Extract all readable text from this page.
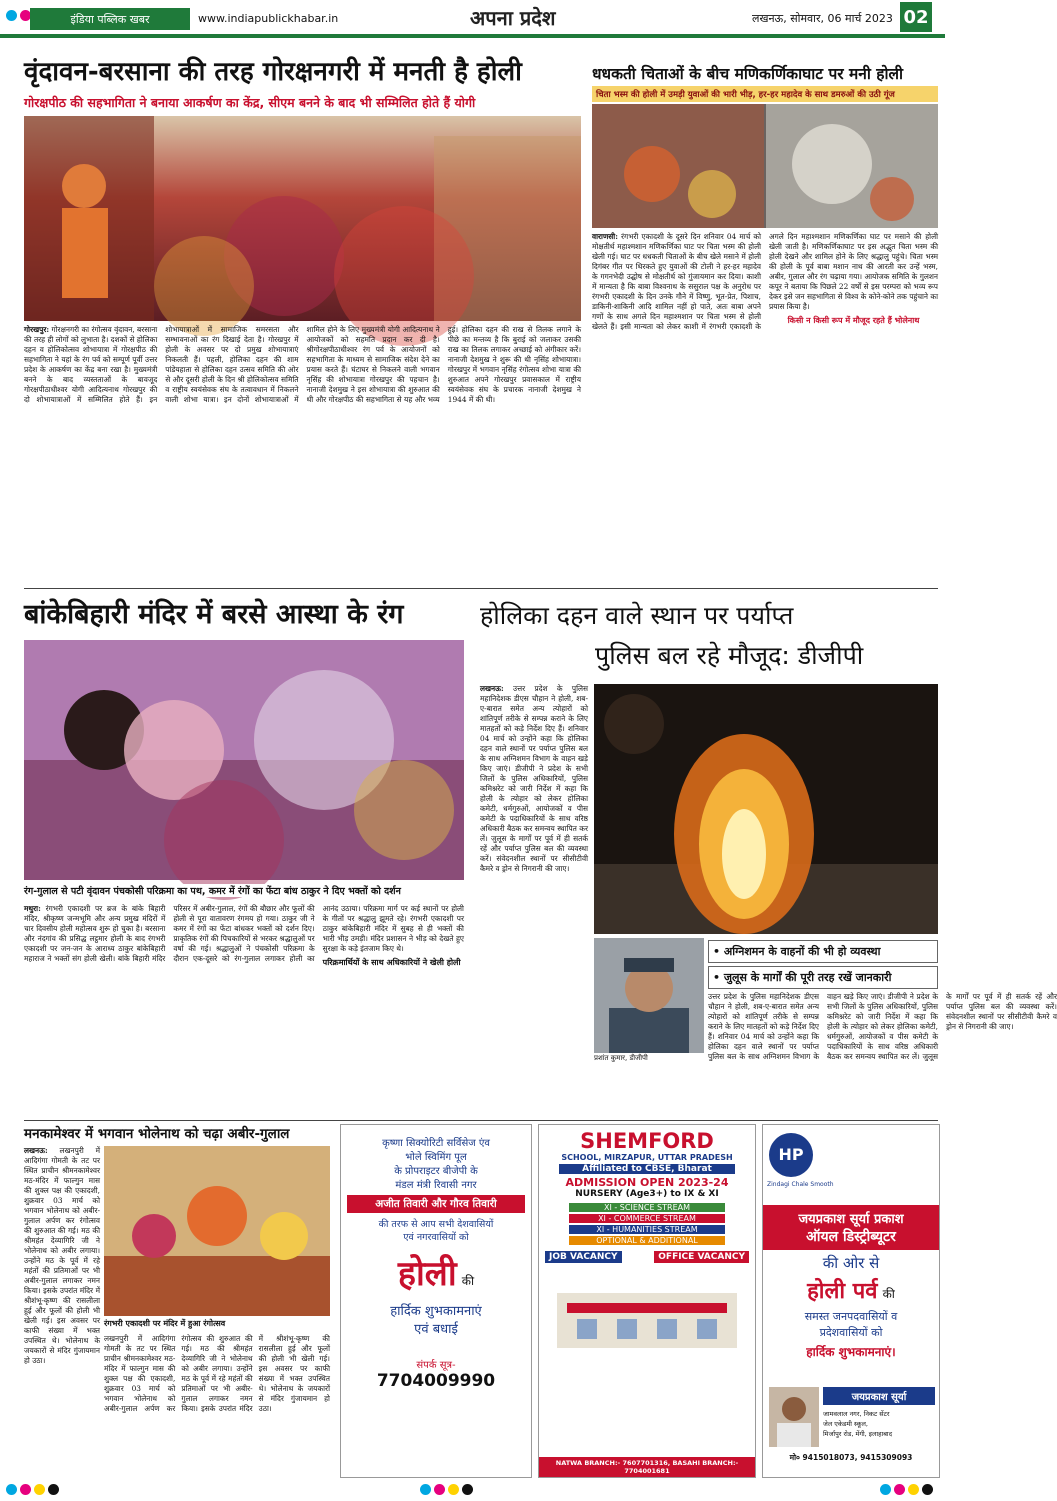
इंडिया पब्लिक खबर	www.indiapublickhabar.in	अपना प्रदेश	लखनऊ, सोमवार, 06 मार्च 2023 02
वृंदावन-बरसाना की तरह गोरक्षनगरी में मनती है होली
गोरक्षपीठ की सहभागिता ने बनाया आकर्षण का केंद्र, सीएम बनने के बाद भी सम्मिलित होते हैं योगी
गोरखपुर: गोरक्षनगरी का रंगोत्सव वृंदावन, बरसाना की तरह ही लोगों को लुभाता है। दशकों से होलिका दहन व होलिकोत्सव शोभायात्रा में गोरक्षपीठ की सहभागिता ने यहां के रंग पर्व को सम्पूर्ण पूर्वी उत्तर प्रदेश के आकर्षण का केंद्र बना रखा है। मुख्यमंत्री बनने के बाद व्यस्तताओं के बावजूद गोरक्षपीठाधीश्वर योगी आदित्यनाथ गोरखपुर की दो शोभायात्राओं में सम्मिलित होते हैं। इन शोभायात्राओं में सामाजिक समरसता और सम्भावनाओं का रंग दिखाई देता है। गोरखपुर में होली के अवसर पर दो प्रमुख शोभायात्राएं निकलती हैं। पहली, होलिका दहन की शाम पांडेयहाता से होलिका दहन उत्सव समिति की ओर से और दूसरी होली के दिन श्री होलिकोत्सव समिति व राष्ट्रीय स्वयंसेवक संघ के तत्वावधान में निकलने वाली शोभा यात्रा। इन दोनों शोभायात्राओं में शामिल होने के लिए मुख्यमंत्री योगी आदित्यनाथ ने आयोजकों को सहमति प्रदान कर दी है। श्रीगोरक्षपीठाधीश्वर रंग पर्व के आयोजनों को सहभागिता के माध्यम से सामाजिक संदेश देने का प्रयास करते हैं। घंटाघर से निकलने वाली भगवान नृसिंह की शोभायात्रा गोरखपुर की पहचान है। नानाजी देशमुख ने इस शोभायात्रा की शुरुआत की थी और गोरक्षपीठ की सहभागिता से यह और भव्य हुई। होलिका दहन की राख से तिलक लगाने के पीछे का मन्तव्य है कि बुराई को जलाकर उसकी राख का तिलक लगाकर अच्छाई को अंगीकार करें। नानाजी देशमुख ने शुरू की थी नृसिंह शोभायात्रा। गोरखपुर में भगवान नृसिंह रंगोत्सव शोभा यात्रा की शुरुआत अपने गोरखपुर प्रवासकाल में राष्ट्रीय स्वयंसेवक संघ के प्रचारक नानाजी देशमुख ने 1944 में की थी।
धधकती चिताओं के बीच मणिकर्णिकाघाट पर मनी होली
चिता भस्म की होली में उमड़ी युवाओं की भारी भीड़, हर-हर महादेव के साथ डमरुओं की उठी गूंज
वाराणसी: रंगभरी एकादशी के दूसरे दिन शनिवार 04 मार्च को मोक्षतीर्थ महाश्मशान मणिकर्णिका घाट पर चिता भस्म की होली खेली गई। घाट पर धधकती चिताओं के बीच खेले मसाने में होली दिगंबर गीत पर थिरकते हुए युवाओं की टोली ने हर-हर महादेव के गगनभेदी उद्घोष से मोक्षतीर्थ को गुंजायमान कर दिया। काशी में मान्यता है कि बाबा विश्वनाथ के ससुराल पक्ष के अनुरोध पर रंगभरी एकादशी के दिन उनके गौने में विष्णु, भूत-प्रेत, पिशाच, डाकिनी-शाकिनी आदि शामिल नहीं हो पाते, अतः बाबा अपने गणों के साथ अगले दिन महाश्मशान पर चिता भस्म से होली खेलते हैं। इसी मान्यता को लेकर काशी में रंगभरी एकादशी के अगले दिन महाश्मशान मणिकर्णिका घाट पर मसाने की होली खेली जाती है। मणिकर्णिकाघाट पर इस अद्भुत चिता भस्म की होली देखने और शामिल होने के लिए श्रद्धालु पहुंचे। चिता भस्म की होली के पूर्व बाबा मशान नाथ की आरती कर उन्हें भस्म, अबीर, गुलाल और रंग चढ़ाया गया। आयोजक समिति के गुलशन कपूर ने बताया कि पिछले 22 वर्षों से इस परम्परा को भव्य रूप देकर इसे जन सहभागिता से विश्व के कोने-कोने तक पहुंचाने का प्रयास किया है।
किसी न किसी रूप में मौजूद रहते हैं भोलेनाथ
बांकेबिहारी मंदिर में बरसे आस्था के रंग
रंग-गुलाल से पटी वृंदावन पंचकोसी परिक्रमा का पथ, कमर में रंगों का फेंटा बांध ठाकुर ने दिए भक्तों को दर्शन
मथुरा: रंगभरी एकादशी पर ब्रज के बांके बिहारी मंदिर, श्रीकृष्ण जन्मभूमि और अन्य प्रमुख मंदिरों में चार दिवसीय होली महोत्सव शुरू हो चुका है। बरसाना और नंदगांव की प्रसिद्ध लट्ठमार होली के बाद रंगभरी एकादशी पर जन-जन के आराध्य ठाकुर बांकेबिहारी महाराज ने भक्तों संग होली खेली। बांके बिहारी मंदिर परिसर में अबीर-गुलाल, रंगों की बौछार और फूलों की होली से पूरा वातावरण रंगमय हो गया। ठाकुर जी ने कमर में रंगों का फेंटा बांधकर भक्तों को दर्शन दिए। प्राकृतिक रंगों की पिचकारियों से भरकर श्रद्धालुओं पर वर्षा की गई। श्रद्धालुओं ने पंचकोसी परिक्रमा के दौरान एक-दूसरे को रंग-गुलाल लगाकर होली का आनंद उठाया। परिक्रमा मार्ग पर कई स्थानों पर होली के गीतों पर श्रद्धालु झूमते रहे। रंगभरी एकादशी पर ठाकुर बांकेबिहारी मंदिर में सुबह से ही भक्तों की भारी भीड़ उमड़ी। मंदिर प्रशासन ने भीड़ को देखते हुए सुरक्षा के कड़े इंतजाम किए थे।
परिक्रमार्थियों के साथ अधिकारियों ने खेली होली
होलिका दहन वाले स्थान पर पर्याप्त
पुलिस बल रहे मौजूद: डीजीपी
लखनऊ: उत्तर प्रदेश के पुलिस महानिदेशक डीएस चौहान ने होली, शब-ए-बारात समेत अन्य त्योहारों को शांतिपूर्ण तरीके से सम्पन्न कराने के लिए मातहतों को कड़े निर्देश दिए हैं। शनिवार 04 मार्च को उन्होंने कहा कि होलिका दहन वाले स्थानों पर पर्याप्त पुलिस बल के साथ अग्निशमन विभाग के वाहन खड़े किए जाएं। डीजीपी ने प्रदेश के सभी जिलों के पुलिस अधिकारियों, पुलिस कमिश्नरेट को जारी निर्देश में कहा कि होली के त्योहार को लेकर होलिका कमेटी, धर्मगुरुओं, आयोजकों व पीस कमेटी के पदाधिकारियों के साथ वरिष्ठ अधिकारी बैठक कर समन्वय स्थापित कर लें। जुलूस के मार्गों पर पूर्व में ही सतर्क रहें और पर्याप्त पुलिस बल की व्यवस्था करें। संवेदनशील स्थानों पर सीसीटीवी कैमरे व ड्रोन से निगरानी की जाए।
प्रशांत कुमार, डीजीपी
• अग्निशमन के वाहनों की भी हो व्यवस्था
• जुलूस के मार्गों की पूरी तरह रखें जानकारी
उत्तर प्रदेश के पुलिस महानिदेशक डीएस चौहान ने होली, शब-ए-बारात समेत अन्य त्योहारों को शांतिपूर्ण तरीके से सम्पन्न कराने के लिए मातहतों को कड़े निर्देश दिए हैं। शनिवार 04 मार्च को उन्होंने कहा कि होलिका दहन वाले स्थानों पर पर्याप्त पुलिस बल के साथ अग्निशमन विभाग के वाहन खड़े किए जाएं। डीजीपी ने प्रदेश के सभी जिलों के पुलिस अधिकारियों, पुलिस कमिश्नरेट को जारी निर्देश में कहा कि होली के त्योहार को लेकर होलिका कमेटी, धर्मगुरुओं, आयोजकों व पीस कमेटी के पदाधिकारियों के साथ वरिष्ठ अधिकारी बैठक कर समन्वय स्थापित कर लें। जुलूस के मार्गों पर पूर्व में ही सतर्क रहें और पर्याप्त पुलिस बल की व्यवस्था करें। संवेदनशील स्थानों पर सीसीटीवी कैमरे व ड्रोन से निगरानी की जाए।
मनकामेश्वर में भगवान भोलेनाथ को चढ़ा अबीर-गुलाल
रंगभरी एकादशी पर मंदिर में हुआ रंगोत्सव
लखनऊ: लखनपुरी में आदिगंगा गोमती के तट पर स्थित प्राचीन श्रीमनकामेश्वर मठ-मंदिर में फाल्गुन मास की शुक्ल पक्ष की एकादशी, शुक्रवार 03 मार्च को भगवान भोलेनाथ को अबीर-गुलाल अर्पण कर रंगोत्सव की शुरुआत की गई। मठ की श्रीमहंत देव्यागिरि जी ने भोलेनाथ को अबीर लगाया। उन्होंने मठ के पूर्व में रहे महंतों की प्रतिमाओं पर भी अबीर-गुलाल लगाकर नमन किया। इसके उपरांत मंदिर में श्रीशंभू-कृष्ण की रासलीला हुई और फूलों की होली भी खेली गई। इस अवसर पर काफी संख्या में भक्त उपस्थित थे। भोलेनाथ के जयकारों से मंदिर गुंजायमान हो उठा।
लखनपुरी में आदिगंगा गोमती के तट पर स्थित प्राचीन श्रीमनकामेश्वर मठ-मंदिर में फाल्गुन मास की शुक्ल पक्ष की एकादशी, शुक्रवार 03 मार्च को भगवान भोलेनाथ को अबीर-गुलाल अर्पण कर रंगोत्सव की शुरुआत की गई। मठ की श्रीमहंत देव्यागिरि जी ने भोलेनाथ को अबीर लगाया। उन्होंने मठ के पूर्व में रहे महंतों की प्रतिमाओं पर भी अबीर-गुलाल लगाकर नमन किया। इसके उपरांत मंदिर में श्रीशंभू-कृष्ण की रासलीला हुई और फूलों की होली भी खेली गई। इस अवसर पर काफी संख्या में भक्त उपस्थित थे। भोलेनाथ के जयकारों से मंदिर गुंजायमान हो उठा।
कृष्णा सिक्योरिटी सर्विसेज एंव
भोले स्विमिंग पूल
के प्रोपराइटर बीजेपी के
मंडल मंत्री रिवासी नगर
अजीत तिवारी और गौरव तिवारी
की तरफ से आप सभी देशवासियों
एवं नगरवासियों को
होली की
हार्दिक शुभकामनाएं
एवं बधाई
संपर्क सूत्र-
7704009990
SHEMFORD
SCHOOL, MIRZAPUR, UTTAR PRADESH
Affiliated to CBSE, Bharat
ADMISSION OPEN 2023-24
NURSERY (Age3+) to IX & XI
XI - SCIENCE STREAM
XI - COMMERCE STREAM
XI - HUMANITIES STREAM
OPTIONAL & ADDITIONAL
JOB VACANCY	OFFICE VACANCY
NATWA BRANCH:- 7607701316, BASAHI BRANCH:- 7704001681
HP
Zindagi Chale Smooth
जयप्रकाश सूर्या प्रकाश
ऑयल डिस्ट्रीब्यूटर
की ओर से
होली पर्व की
समस्त जनपदवासियों व
प्रदेशवासियों को
हार्दिक शुभकामनाएं।
जयप्रकाश सूर्या
जामवलाल नगर, निकट सेंटर
जेल एकेडमी स्कूल,
मिर्जापुर रोड, मेंगी, इलाहाबाद
मो० 9415018073, 9415309093
